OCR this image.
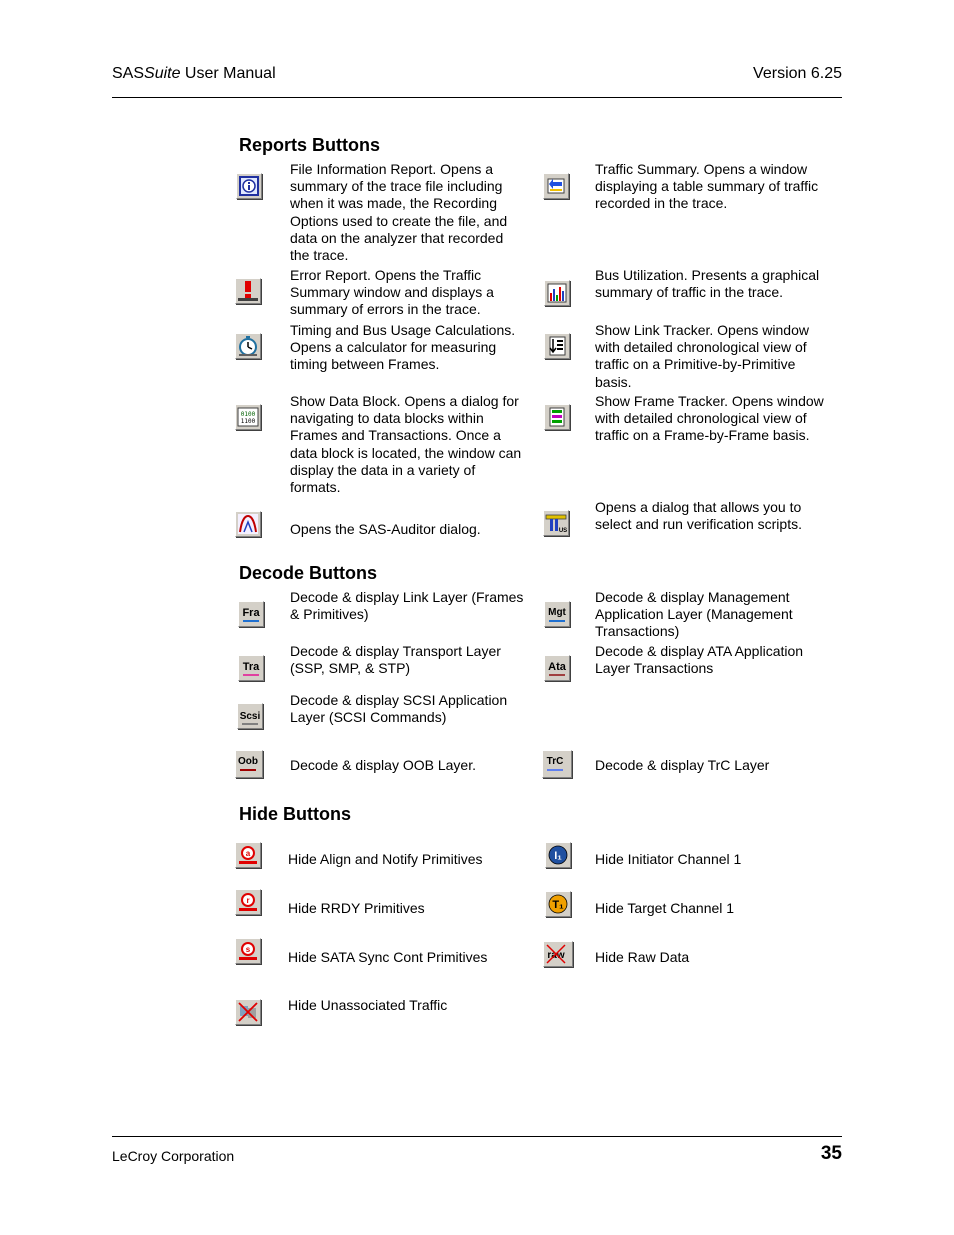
SASSuite User Manual	Version 6.25
Reports Buttons
File Information Report. Opens a summary of the trace file including when it was made, the Recording Options used to create the file, and data on the analyzer that recorded the trace.
Traffic Summary. Opens a window displaying a table summary of traffic recorded in the trace.
Error Report. Opens the Traffic Summary window and displays a summary of errors in the trace.
Bus Utilization. Presents a graphical summary of traffic in the trace.
Timing and Bus Usage Calculations. Opens a calculator for measuring timing between Frames.
Show Link Tracker. Opens window with detailed chronological view of traffic on a Primitive-by-Primitive basis.
0100
1100
Show Data Block. Opens a dialog for navigating to data blocks within Frames and Transactions. Once a data block is located, the window can display the data in a variety of formats.
Show Frame Tracker. Opens window with detailed chronological view of traffic on a Frame-by-Frame basis.
Opens the SAS-Auditor dialog.	US
Opens a dialog that allows you to select and run verification scripts.
Decode Buttons
Fra
Decode & display Link Layer (Frames & Primitives)	Mgt
Decode & display Management Application Layer (Management Transactions)
Tra
Decode & display Transport Layer (SSP, SMP, & STP)	Ata
Decode & display ATA Application Layer Transactions
Scsi
Decode & display SCSI Application Layer (SCSI Commands)
Oob Decode & display OOB Layer.	TrC Decode & display TrC Layer
Hide Buttons
a	Hide Align and Notify Primitives	I₁ Hide Initiator Channel 1
r	Hide RRDY Primitives	T₁ Hide Target Channel 1
s	Hide SATA Sync Cont Primitives	raw Hide Raw Data
Hide Unassociated Traffic
LeCroy Corporation	35
